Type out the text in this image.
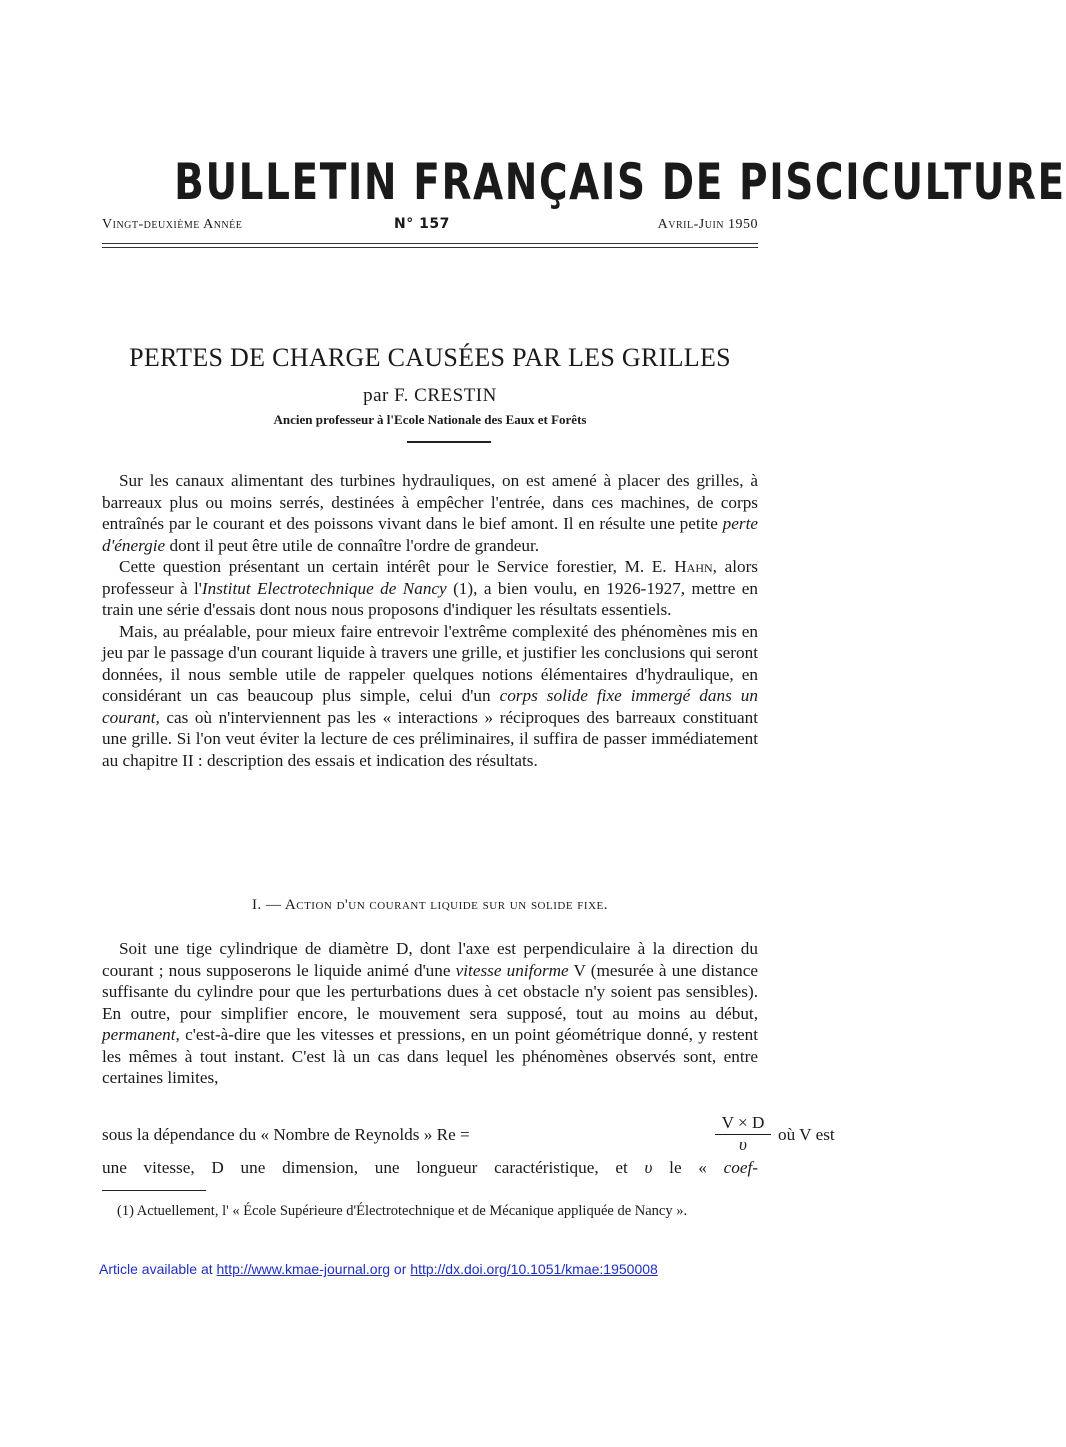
BULLETIN FRANÇAIS DE PISCICULTURE
Vingt-deuxième Année	N° 157	Avril-Juin 1950
PERTES DE CHARGE CAUSÉES PAR LES GRILLES
par F. CRESTIN
Ancien professeur à l'Ecole Nationale des Eaux et Forêts

Sur les canaux alimentant des turbines hydrauliques, on est amené à placer des grilles, à barreaux plus ou moins serrés, destinées à empêcher l'entrée, dans ces machines, de corps entraînés par le courant et des poissons vivant dans le bief amont. Il en résulte une petite perte d'énergie dont il peut être utile de connaître l'ordre de grandeur.

Cette question présentant un certain intérêt pour le Service forestier, M. E. Hahn, alors professeur à l'Institut Electrotechnique de Nancy (1), a bien voulu, en 1926-1927, mettre en train une série d'essais dont nous nous proposons d'indiquer les résultats essentiels.

Mais, au préalable, pour mieux faire entrevoir l'extrême complexité des phénomènes mis en jeu par le passage d'un courant liquide à travers une grille, et justifier les conclusions qui seront données, il nous semble utile de rappeler quelques notions élémentaires d'hydraulique, en considérant un cas beaucoup plus simple, celui d'un corps solide fixe immergé dans un courant, cas où n'interviennent pas les « interactions » réciproques des barreaux constituant une grille. Si l'on veut éviter la lecture de ces préliminaires, il suffira de passer immédiatement au chapitre II : description des essais et indication des résultats.

I. — Action d'un courant liquide sur un solide fixe.

Soit une tige cylindrique de diamètre D, dont l'axe est perpendiculaire à la direction du courant ; nous supposerons le liquide animé d'une vitesse uniforme V (mesurée à une distance suffisante du cylindre pour que les perturbations dues à cet obstacle n'y soient pas sensibles). En outre, pour simplifier encore, le mouvement sera supposé, tout au moins au début, permanent, c'est-à-dire que les vitesses et pressions, en un point géométrique donné, y restent les mêmes à tout instant. C'est là un cas dans lequel les phénomènes observés sont, entre certaines limites,

sous la dépendance du « Nombre de Reynolds » Re =	$\frac{V \times D}{\upsilon}$ où V est
une vitesse, D une dimension, une longueur caractéristique, et υ le « coef-
(1) Actuellement, l' « École Supérieure d'Électrotechnique et de Mécanique appliquée de Nancy ».
Article available at http://www.kmae-journal.org or http://dx.doi.org/10.1051/kmae:1950008
